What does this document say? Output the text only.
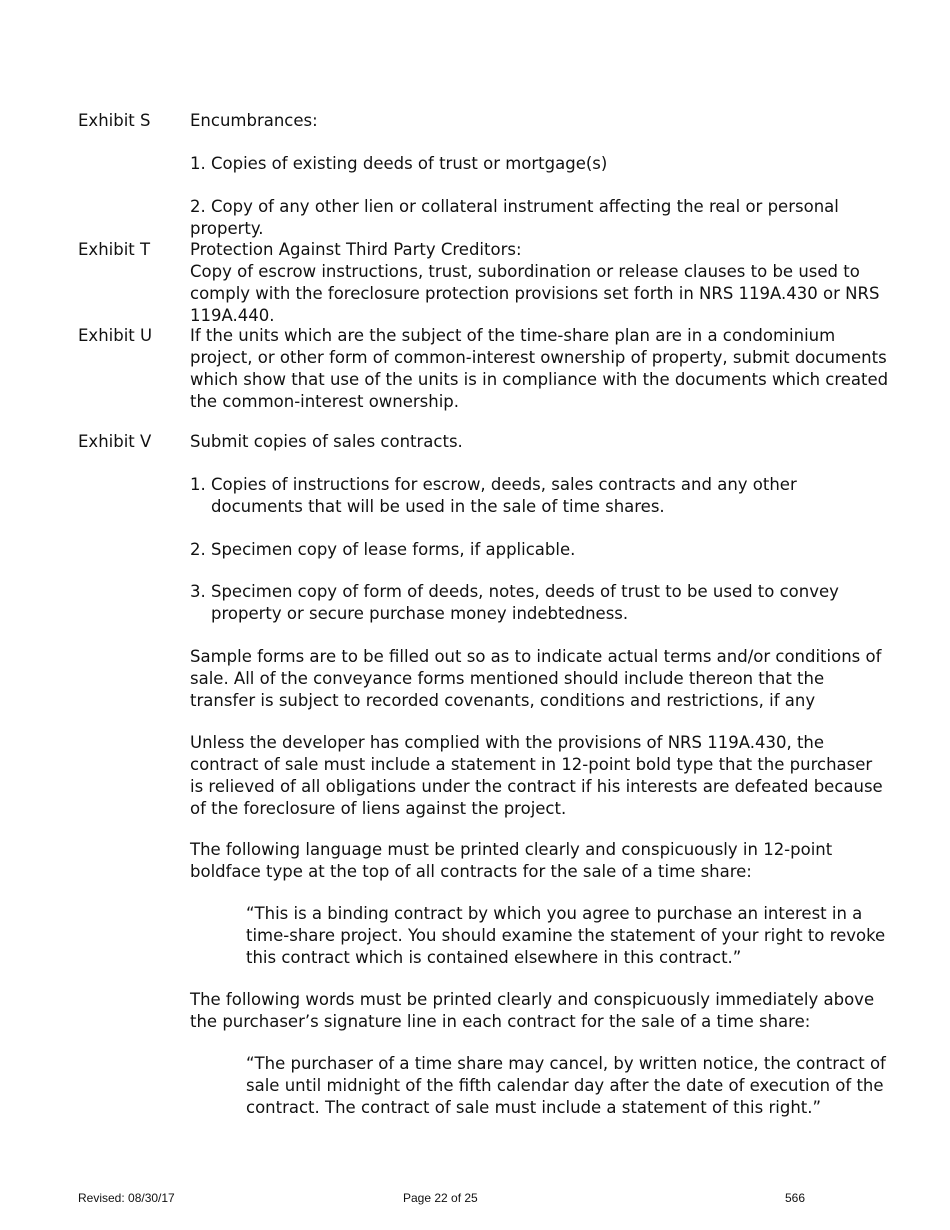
Exhibit S Encumbrances:
1. Copies of existing deeds of trust or mortgage(s)
2. Copy of any other lien or collateral instrument affecting the real or personal property.
Exhibit T Protection Against Third Party Creditors:

Copy of escrow instructions, trust, subordination or release clauses to be used to comply with the foreclosure protection provisions set forth in NRS 119A.430 or NRS 119A.440.

Exhibit U If the units which are the subject of the time-share plan are in a condominium project, or other form of common-interest ownership of property, submit documents which show that use of the units is in compliance with the documents which created the common-interest ownership.
Exhibit V Submit copies of sales contracts.
1. Copies of instructions for escrow, deeds, sales contracts and any other documents that will be used in the sale of time shares.
2. Specimen copy of lease forms, if applicable.
3. Specimen copy of form of deeds, notes, deeds of trust to be used to convey property or secure purchase money indebtedness.
Sample forms are to be filled out so as to indicate actual terms and/or conditions of sale. All of the conveyance forms mentioned should include thereon that the transfer is subject to recorded covenants, conditions and restrictions, if any
Unless the developer has complied with the provisions of NRS 119A.430, the contract of sale must include a statement in 12-point bold type that the purchaser is relieved of all obligations under the contract if his interests are defeated because of the foreclosure of liens against the project.
The following language must be printed clearly and conspicuously in 12-point boldface type at the top of all contracts for the sale of a time share:
“This is a binding contract by which you agree to purchase an interest in a time-share project. You should examine the statement of your right to revoke this contract which is contained elsewhere in this contract.”
The following words must be printed clearly and conspicuously immediately above the purchaser’s signature line in each contract for the sale of a time share:
“The purchaser of a time share may cancel, by written notice, the contract of sale until midnight of the fifth calendar day after the date of execution of the contract. The contract of sale must include a statement of this right.”
Revised: 08/30/17	Page 22 of 25	566
